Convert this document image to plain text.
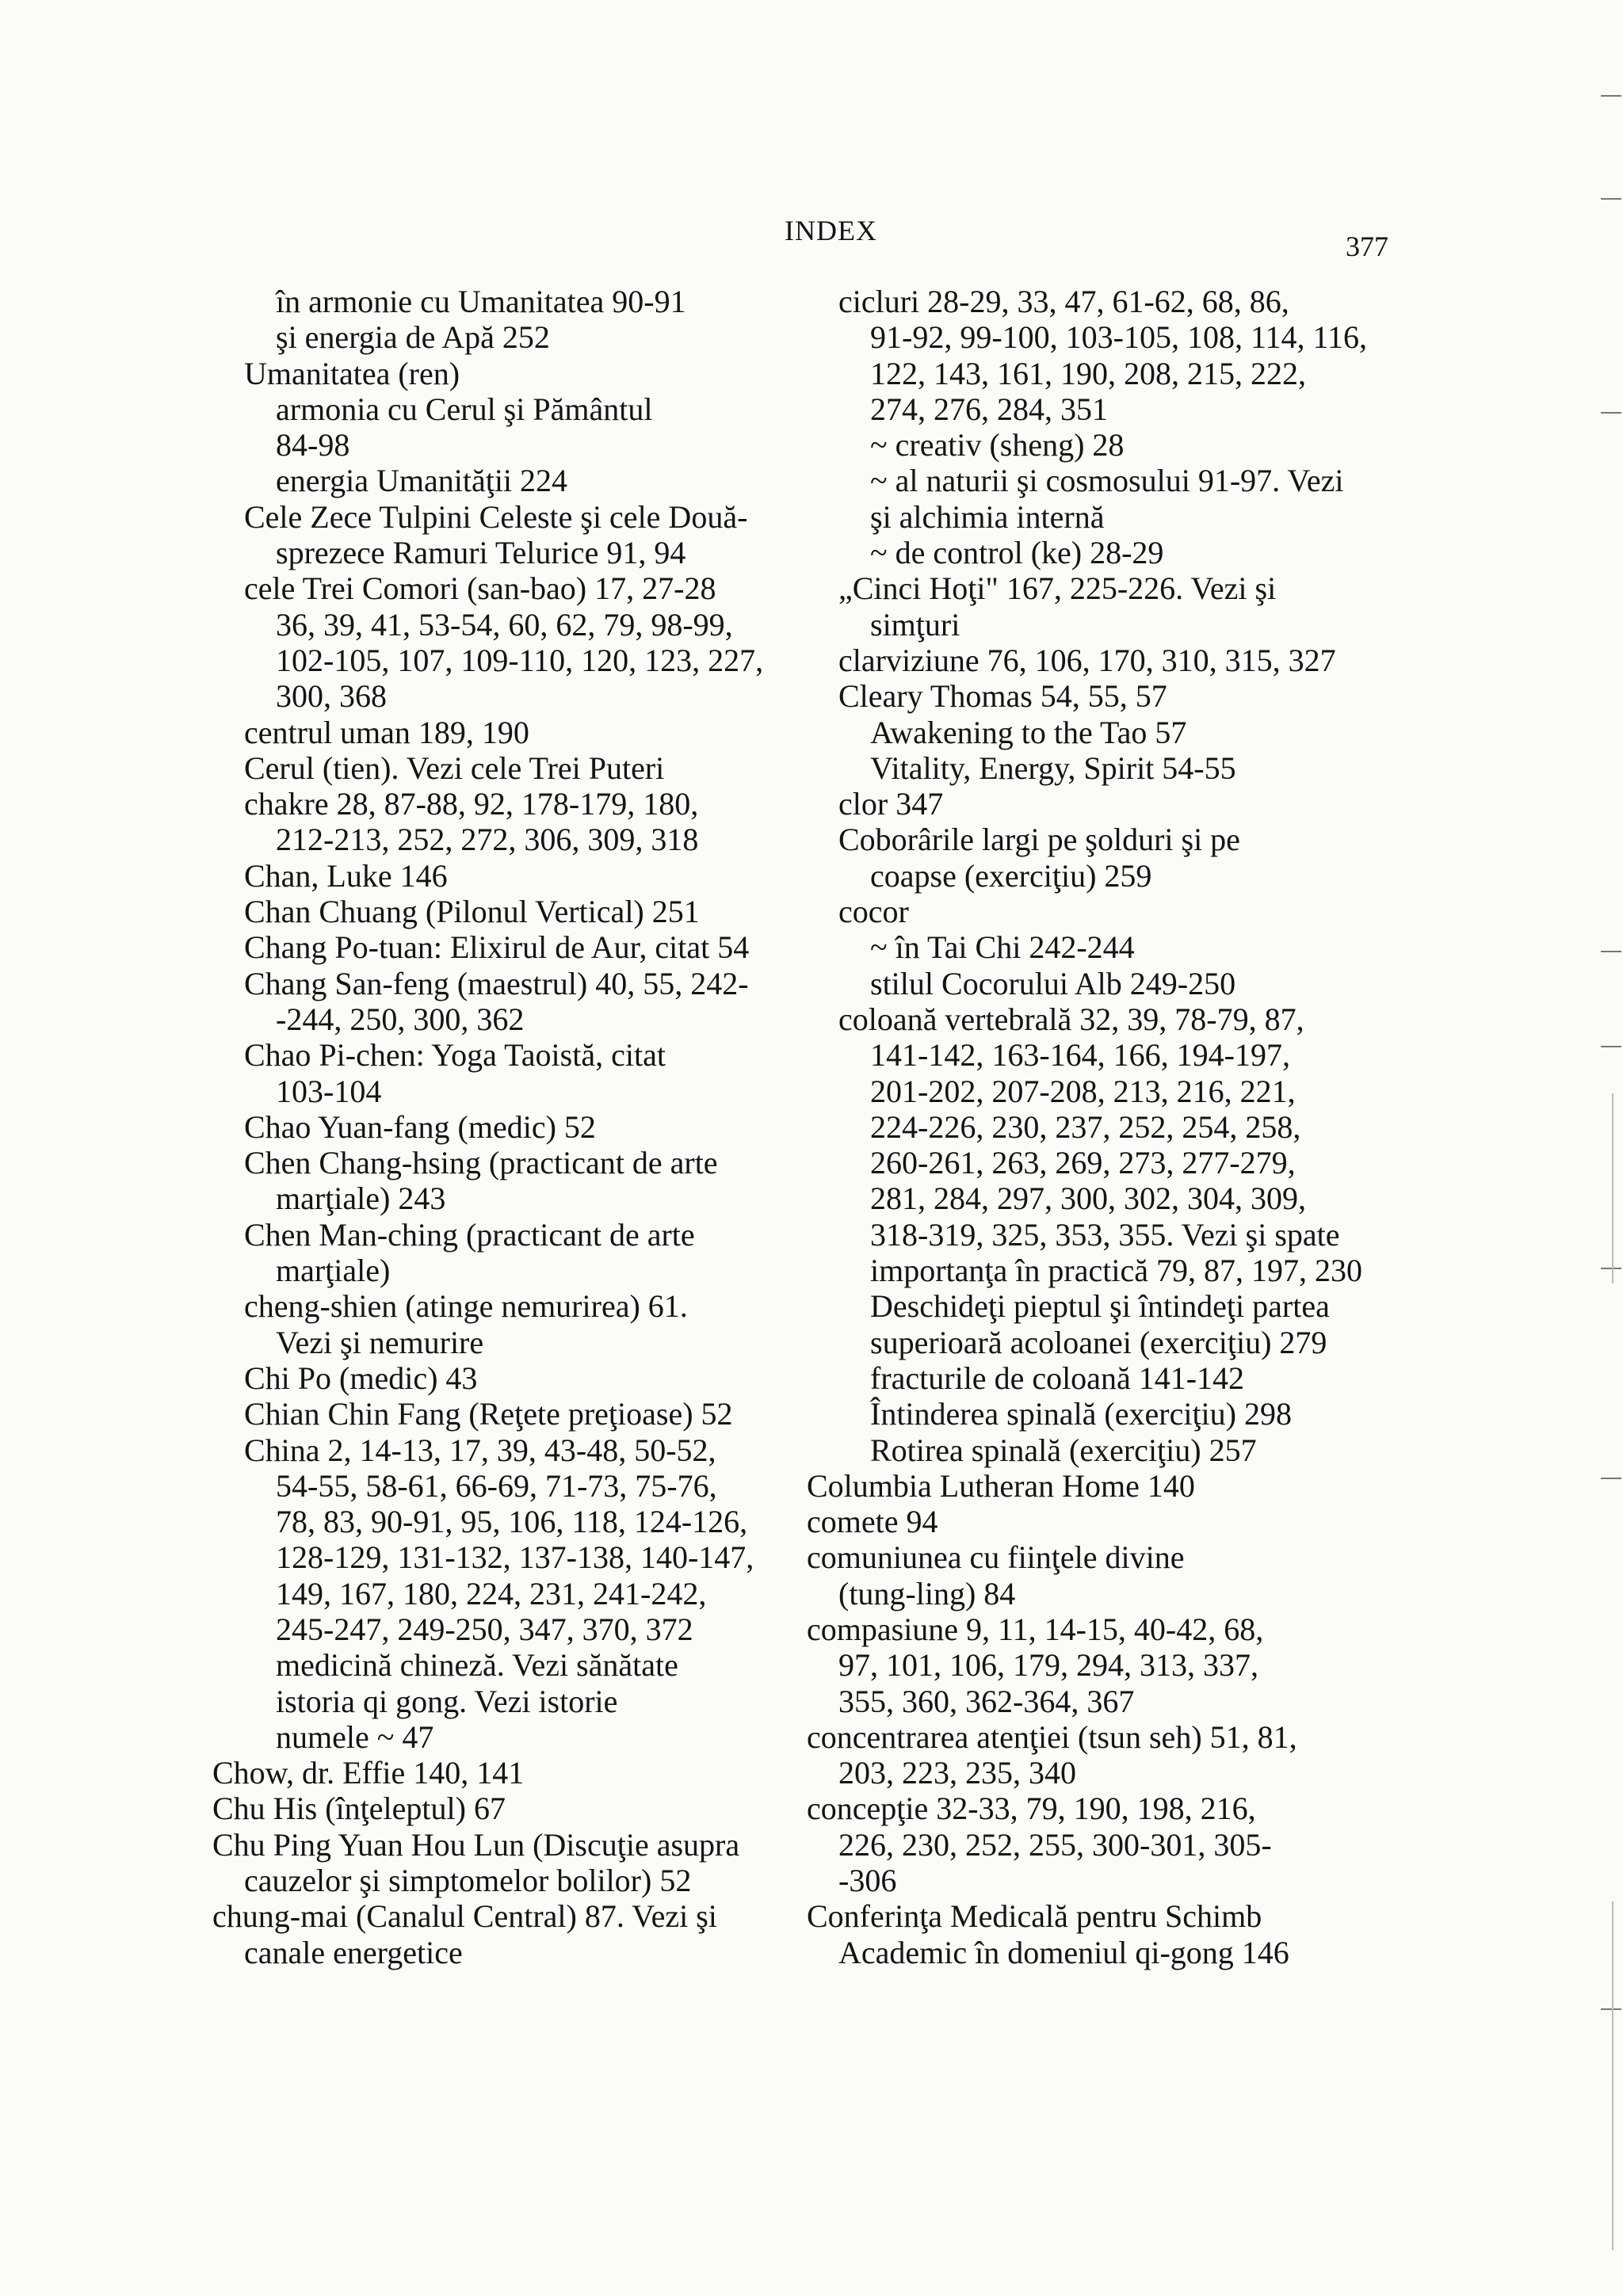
INDEX	377
în armonie cu Umanitatea 90-91
şi energia de Apă 252
Umanitatea (ren)
armonia cu Cerul şi Pământul
84-98
energia Umanităţii 224
Cele Zece Tulpini Celeste şi cele Două-
sprezece Ramuri Telurice 91, 94
cele Trei Comori (san-bao) 17, 27-28
36, 39, 41, 53-54, 60, 62, 79, 98-99,
102-105, 107, 109-110, 120, 123, 227,
300, 368
centrul uman 189, 190
Cerul (tien). Vezi cele Trei Puteri
chakre 28, 87-88, 92, 178-179, 180,
212-213, 252, 272, 306, 309, 318
Chan, Luke 146
Chan Chuang (Pilonul Vertical) 251
Chang Po-tuan: Elixirul de Aur, citat 54
Chang San-feng (maestrul) 40, 55, 242-
-244, 250, 300, 362
Chao Pi-chen: Yoga Taoistă, citat
103-104
Chao Yuan-fang (medic) 52
Chen Chang-hsing (practicant de arte
marţiale) 243
Chen Man-ching (practicant de arte
marţiale)
cheng-shien (atinge nemurirea) 61.
Vezi şi nemurire
Chi Po (medic) 43
Chian Chin Fang (Reţete preţioase) 52
China 2, 14-13, 17, 39, 43-48, 50-52,
54-55, 58-61, 66-69, 71-73, 75-76,
78, 83, 90-91, 95, 106, 118, 124-126,
128-129, 131-132, 137-138, 140-147,
149, 167, 180, 224, 231, 241-242,
245-247, 249-250, 347, 370, 372
medicină chineză. Vezi sănătate
istoria qi gong. Vezi istorie
numele ~ 47
Chow, dr. Effie 140, 141
Chu His (înţeleptul) 67
Chu Ping Yuan Hou Lun (Discuţie asupra
cauzelor şi simptomelor bolilor) 52
chung-mai (Canalul Central) 87. Vezi şi
canale energetice
cicluri 28-29, 33, 47, 61-62, 68, 86,
91-92, 99-100, 103-105, 108, 114, 116,
122, 143, 161, 190, 208, 215, 222,
274, 276, 284, 351
~ creativ (sheng) 28
~ al naturii şi cosmosului 91-97. Vezi
şi alchimia internă
~ de control (ke) 28-29
„Cinci Hoţi" 167, 225-226. Vezi şi
simţuri
clarviziune 76, 106, 170, 310, 315, 327
Cleary Thomas 54, 55, 57
Awakening to the Tao 57
Vitality, Energy, Spirit 54-55
clor 347
Coborârile largi pe şolduri şi pe
coapse (exerciţiu) 259
cocor
~ în Tai Chi 242-244
stilul Cocorului Alb 249-250
coloană vertebrală 32, 39, 78-79, 87,
141-142, 163-164, 166, 194-197,
201-202, 207-208, 213, 216, 221,
224-226, 230, 237, 252, 254, 258,
260-261, 263, 269, 273, 277-279,
281, 284, 297, 300, 302, 304, 309,
318-319, 325, 353, 355. Vezi şi spate
importanţa în practică 79, 87, 197, 230
Deschideţi pieptul şi întindeţi partea
superioară acoloanei (exerciţiu) 279
fracturile de coloană 141-142
Întinderea spinală (exerciţiu) 298
Rotirea spinală (exerciţiu) 257
Columbia Lutheran Home 140
comete 94
comuniunea cu fiinţele divine
(tung-ling) 84
compasiune 9, 11, 14-15, 40-42, 68,
97, 101, 106, 179, 294, 313, 337,
355, 360, 362-364, 367
concentrarea atenţiei (tsun seh) 51, 81,
203, 223, 235, 340
concepţie 32-33, 79, 190, 198, 216,
226, 230, 252, 255, 300-301, 305-
-306
Conferinţa Medicală pentru Schimb
Academic în domeniul qi-gong 146
